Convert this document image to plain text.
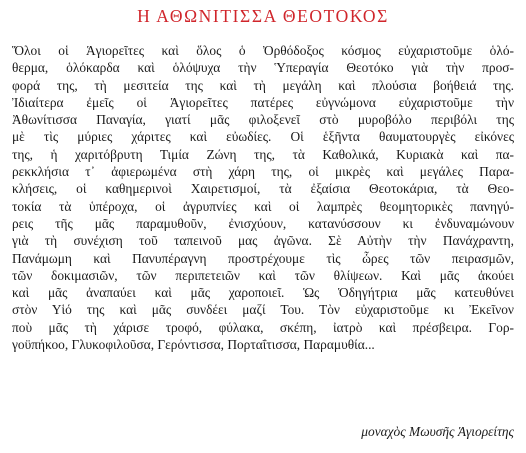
Η ΑΘΩΝΙΤΙΣΣΑ ΘΕΟΤΟΚΟΣ
Ὅλοι οἱ Ἁγιορεῖτες καὶ ὅλος ὁ Ὀρθόδοξος κόσμος εὐχαριστοῦμε ὁλό-
θερμα, ὁλόκαρδα καὶ ὁλόψυχα τὴν Ὑπεραγία Θεοτόκο γιὰ τὴν προσ-
φορά της, τὴ μεσιτεία της καὶ τὴ μεγάλη καὶ πλούσια βοήθειά της.
Ἰδιαίτερα ἐμεῖς οἱ Ἁγιορεῖτες πατέρες εὐγνώμονα εὐχαριστοῦμε τὴν
Ἀθωνίτισσα Παναγία, γιατί μᾶς φιλοξενεῖ στὸ μυροβόλο περιβόλι της
μὲ τὶς μύριες χάριτες καὶ εὐωδίες. Οἱ ἑξῆντα θαυματουργὲς εἰκόνες
της, ἡ χαριτόβρυτη Τιμία Ζώνη της, τὰ Καθολικά, Κυριακὰ καὶ πα-
ρεκκλήσια τ᾽ ἀφιερωμένα στὴ χάρη της, οἱ μικρὲς καὶ μεγάλες Παρα-
κλήσεις, οἱ καθημερινοὶ Χαιρετισμοί, τὰ ἐξαίσια Θεοτοκάρια, τὰ Θεο-
τοκία τὰ ὑπέροχα, οἱ ἀγρυπνίες καὶ οἱ λαμπρὲς θεομητορικὲς πανηγύ-
ρεις τῆς μᾶς παραμυθοῦν, ἐνισχύουν, κατανύσσουν κι ἐνδυναμώνουν
γιὰ τὴ συνέχιση τοῦ ταπεινοῦ μας ἀγῶνα. Σὲ Αὐτὴν τὴν Πανάχραντη,
Πανάμωμη καὶ Πανυπέραγνη προστρέχουμε τὶς ὧρες τῶν πειρασμῶν,
τῶν δοκιμασιῶν, τῶν περιπετειῶν καὶ τῶν θλίψεων. Καὶ μᾶς ἀκούει
καὶ μᾶς ἀναπαύει καὶ μᾶς χαροποιεῖ. Ὡς Ὁδηγήτρια μᾶς κατευθύνει
στὸν Υἱό της καὶ μᾶς συνδέει μαζί Του. Τὸν εὐχαριστοῦμε κι Ἐκεῖνον
ποὺ μᾶς τὴ χάρισε τροφό, φύλακα, σκέπη, ἰατρὸ καὶ πρέσβειρα. Γορ-
γοϋπήκοο, Γλυκοφιλοῦσα, Γερόντισσα, Πορταΐτισσα, Παραμυθία...
μοναχὸς Μωυσῆς Ἁγιορείτης
